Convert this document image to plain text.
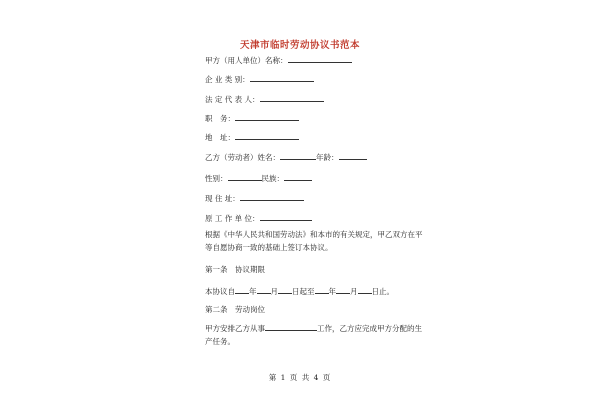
天津市临时劳动协议书范本
甲方（用人单位）名称：
企 业 类 别：
法 定 代 表 人：
职　务：
地　址：
乙方（劳动者）姓名：	年龄：
性别：	民族：
现 住 址：
原 工 作 单 位：
根据《中华人民共和国劳动法》和本市的有关规定，甲乙双方在平等自愿协商一致的基础上签订本协议。
第一条　协议期限
本协议自 年 月 日起至 年 月 日止。
第二条　劳动岗位
甲方安排乙方从事	工作，乙方应完成甲方分配的生产任务。
第 1 页 共 4 页
